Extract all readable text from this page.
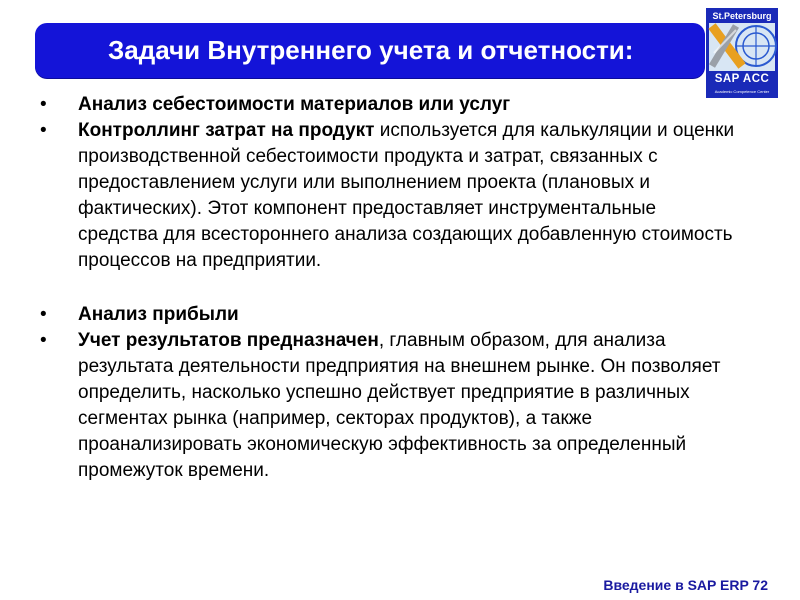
Задачи Внутреннего учета и отчетности:
St.Petersburg
SAP ACC
Academic Competence Center
• Анализ себестоимости материалов или услуг
• Контроллинг затрат на продукт используется для калькуляции и оценки производственной себестоимости продукта и затрат, связанных с предоставлением услуги или выполнением проекта (плановых и фактических). Этот компонент предоставляет инструментальные средства для всестороннего анализа создающих добавленную стоимость процессов на предприятии.
• Анализ прибыли
• Учет результатов предназначен, главным образом, для анализа результата деятельности предприятия на внешнем рынке. Он позволяет определить, насколько успешно действует предприятие в различных сегментах рынка (например, секторах продуктов), а также проанализировать экономическую эффективность за определенный промежуток времени.
Введение в SAP ERP 72
